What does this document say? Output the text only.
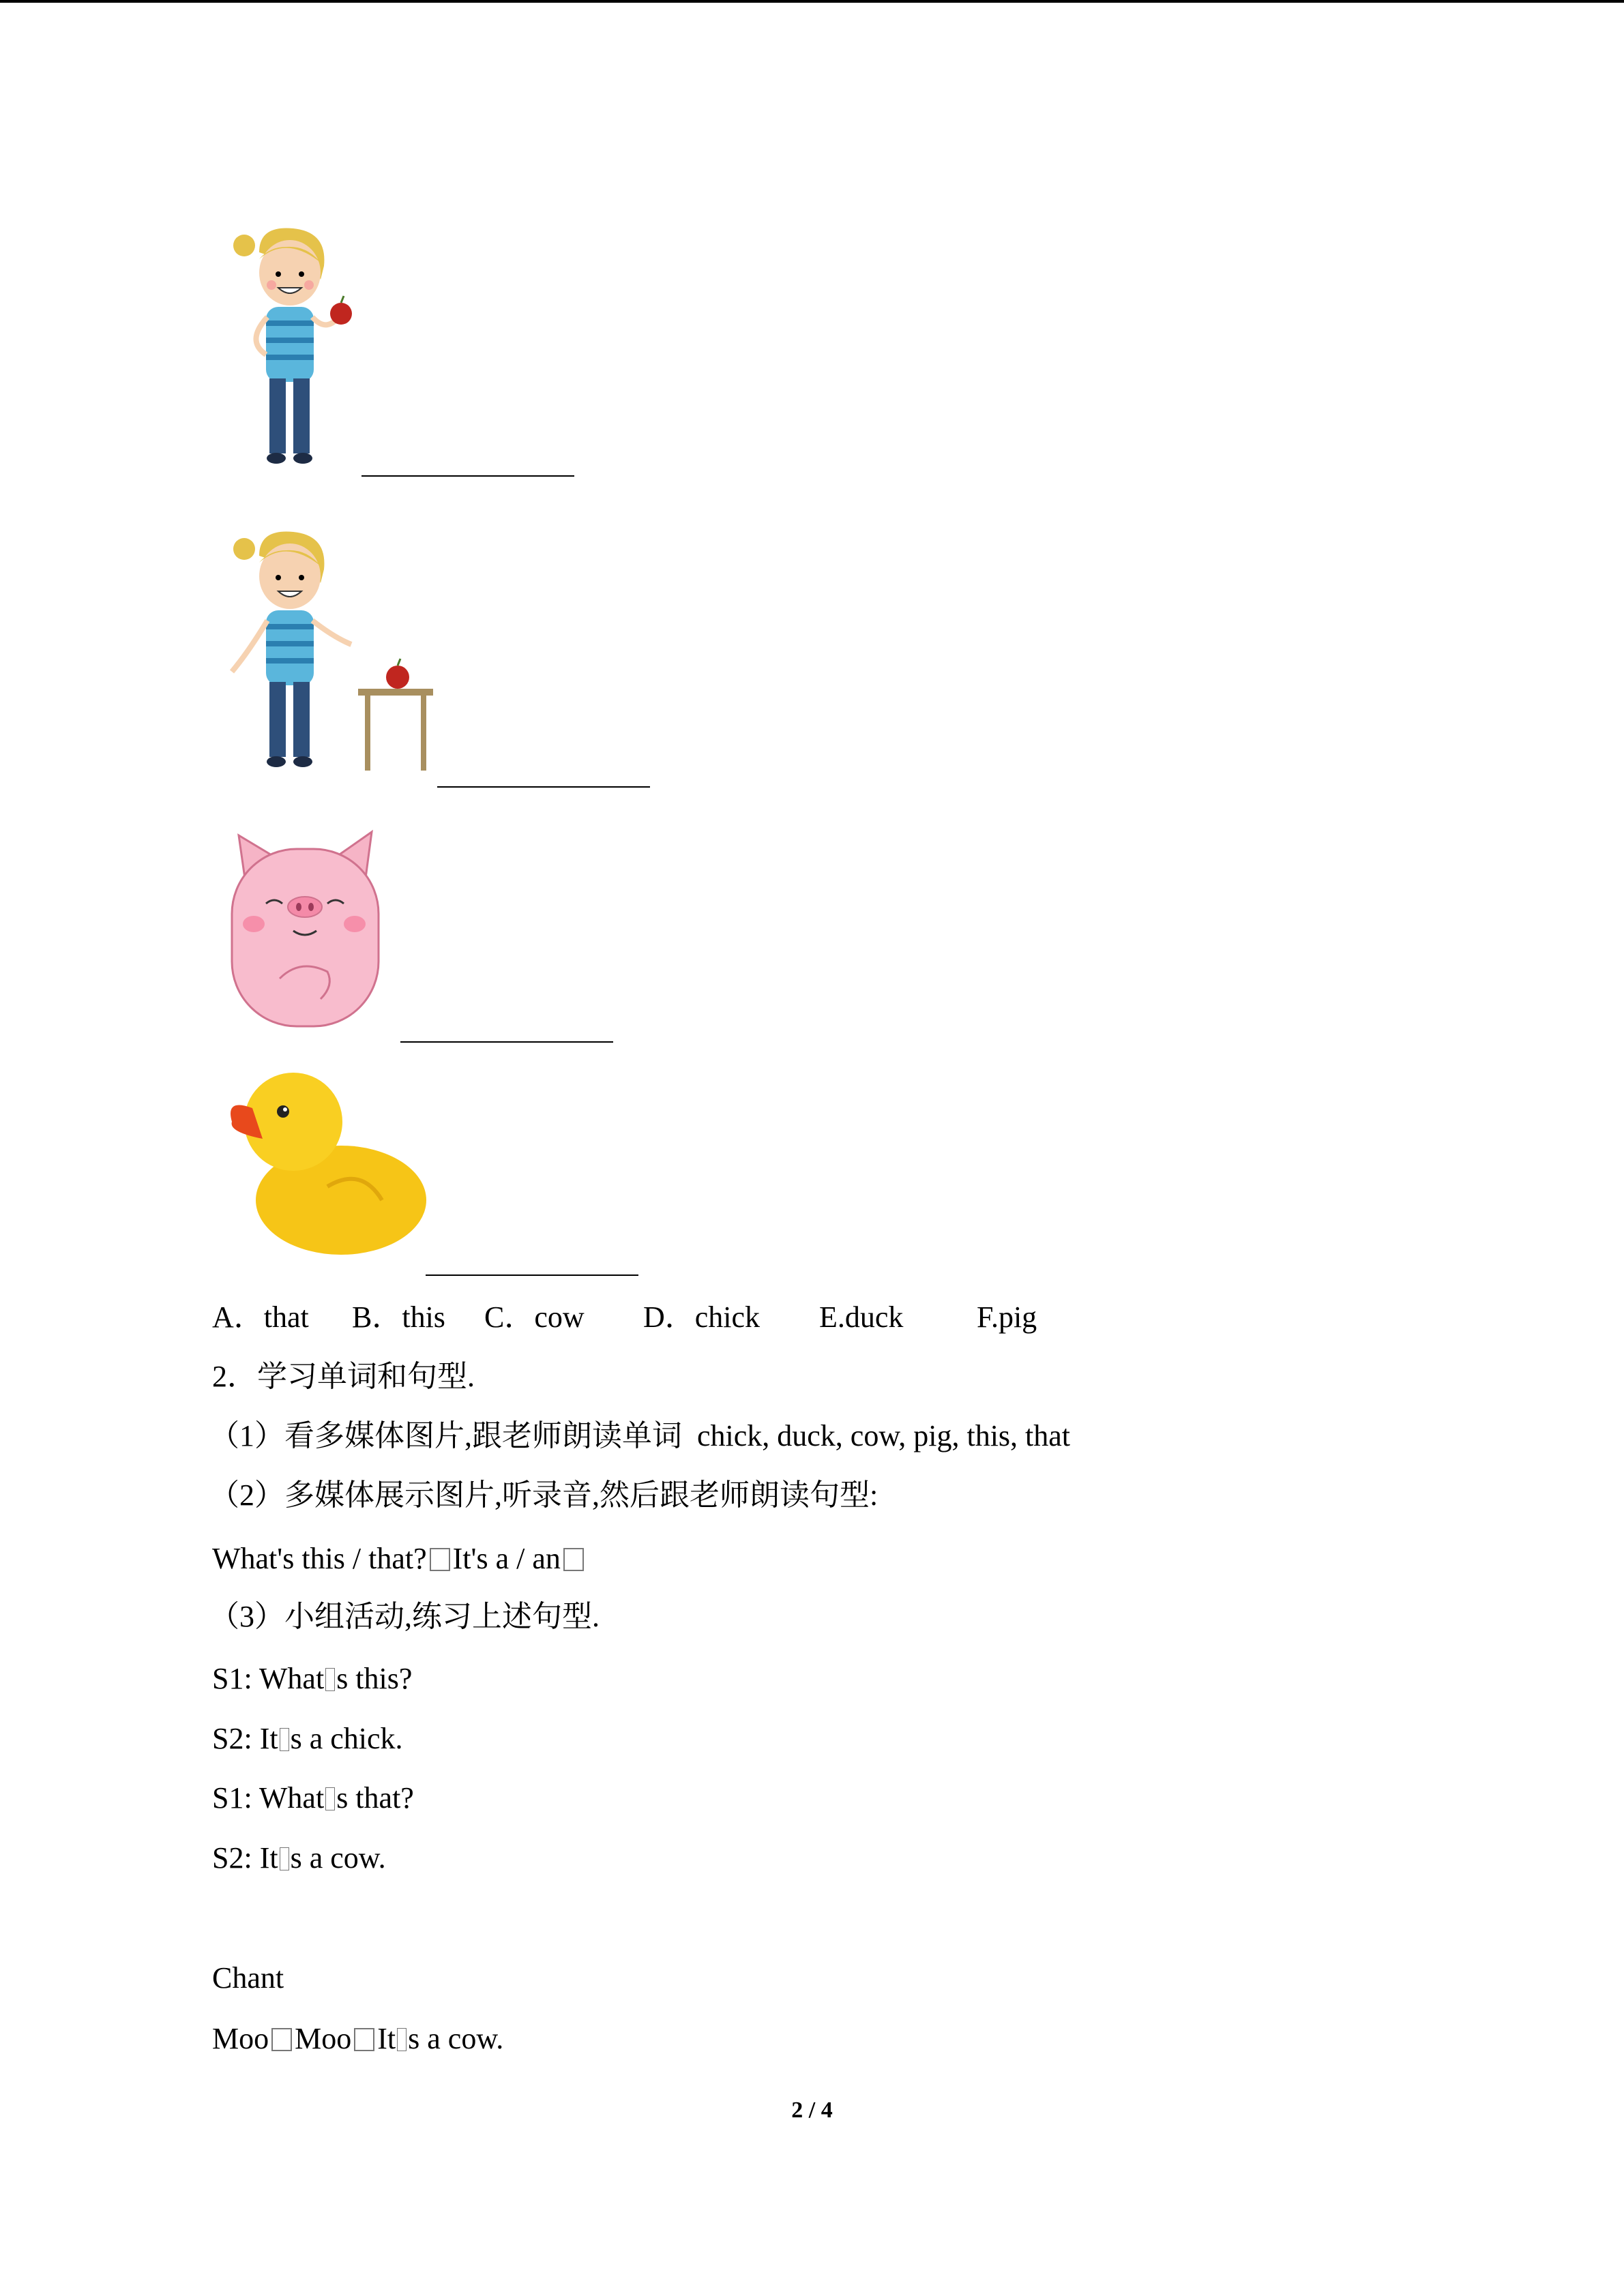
A．that B．this C．cow D．chick E.duck F.pig
2．学习单词和句型.
（1）看多媒体图片,跟老师朗读单词  chick, duck, cow, pig, this, that
（2）多媒体展示图片,听录音,然后跟老师朗读句型:
What's this / that? It's a / an
（3）小组活动,练习上述句型.
S1: What s this?
S2: It s a chick.
S1: What s that?
S2: It s a cow.
Chant
Moo Moo It s a cow.
2 / 4
